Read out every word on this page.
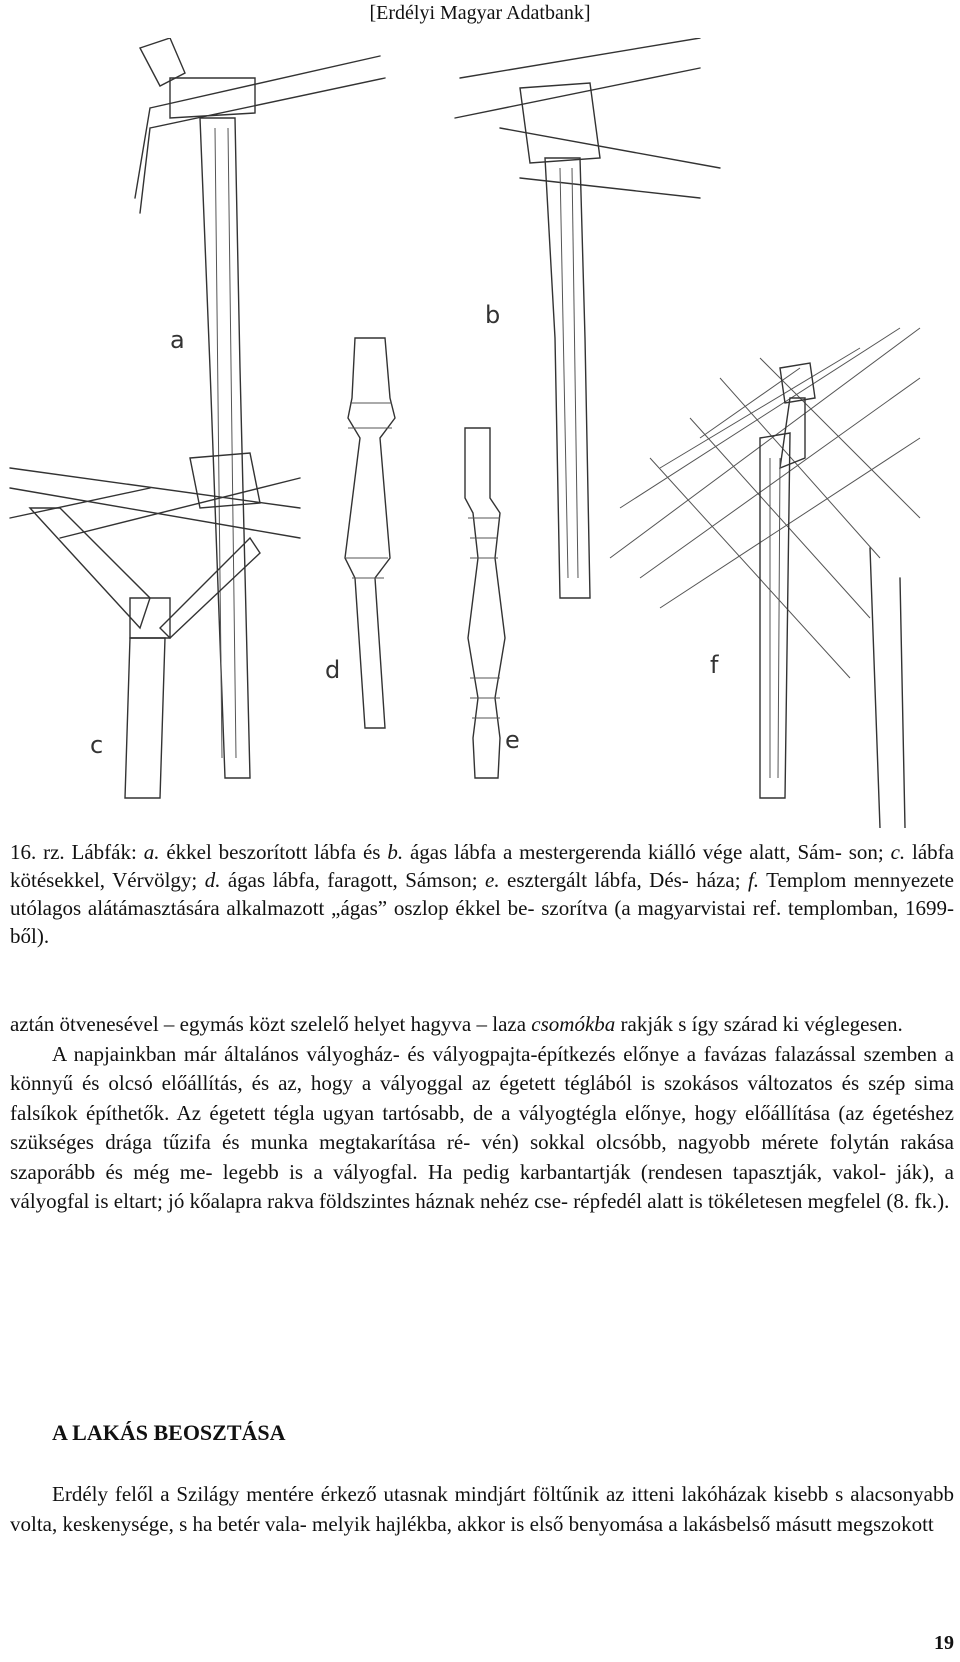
[Erdélyi Magyar Adatbank]
a
b
c
d
e
f

16. rz. Lábfák: a. ékkel beszorított lábfa és b. ágas lábfa a mestergerenda kiálló vége alatt, Sám- son; c. lábfa kötésekkel, Vérvölgy; d. ágas lábfa, faragott, Sámson; e. esztergált lábfa, Dés- háza; f. Templom mennyezete utólagos alátámasztására alkalmazott „ágas” oszlop ékkel be- szorítva (a magyarvistai ref. templomban, 1699-ből).

aztán ötvenesével – egymás közt szelelő helyet hagyva – laza csomókba rakják s így szárad ki véglegesen.

A napjainkban már általános vályogház- és vályogpajta-építkezés előnye a favázas falazással szemben a könnyű és olcsó előállítás, és az, hogy a vályoggal az égetett téglából is szokásos változatos és szép sima falsíkok építhetők. Az égetett tégla ugyan tartósabb, de a vályogtégla előnye, hogy előállítása (az égetéshez szükséges drága tűzifa és munka megtakarítása ré- vén) sokkal olcsóbb, nagyobb mérete folytán rakása szaporább és még me- legebb is a vályogfal. Ha pedig karbantartják (rendesen tapasztják, vakol- ják), a vályogfal is eltart; jó kőalapra rakva földszintes háznak nehéz cse- répfedél alatt is tökéletesen megfelel (8. fk.).

A LAKÁS BEOSZTÁSA

Erdély felől a Szilágy mentére érkező utasnak mindjárt föltűnik az itteni lakóházak kisebb s alacsonyabb volta, keskenysége, s ha betér vala- melyik hajlékba, akkor is első benyomása a lakásbelső másutt megszokott

19
